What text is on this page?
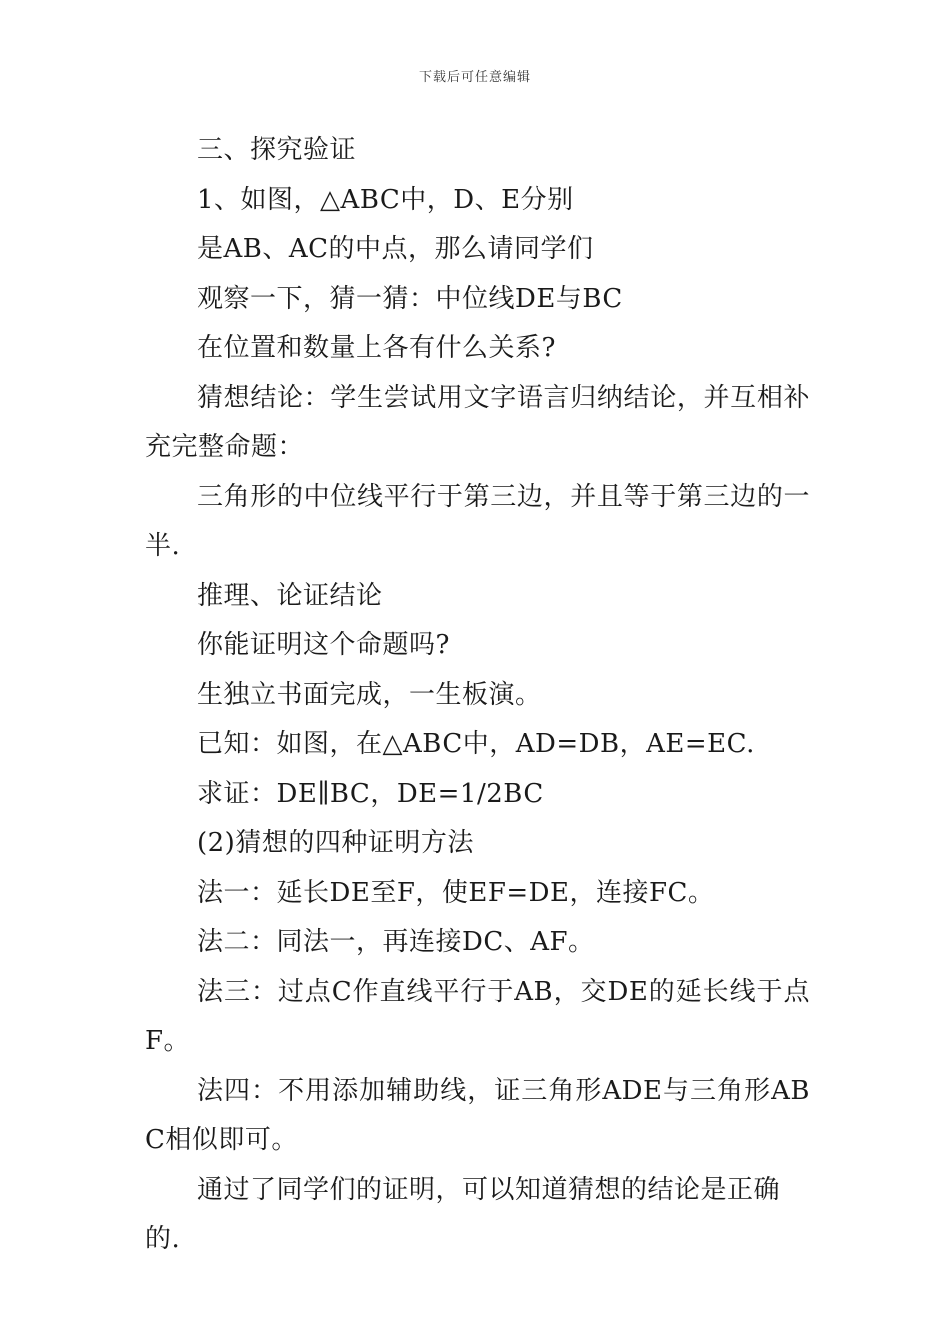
下载后可任意编辑

三、探究验证

1、如图，△ABC中，D、E分别

是AB、AC的中点，那么请同学们

观察一下，猜一猜：中位线DE与BC

在位置和数量上各有什么关系?

猜想结论：学生尝试用文字语言归纳结论，并互相补充完整命题：

三角形的中位线平行于第三边，并且等于第三边的一半.

推理、论证结论

你能证明这个命题吗?

生独立书面完成，一生板演。

已知：如图，在△ABC中，AD=DB，AE=EC.

求证：DE∥BC，DE=1/2BC

(2)猜想的四种证明方法

法一：延长DE至F，使EF=DE，连接FC。

法二：同法一，再连接DC、AF。

法三：过点C作直线平行于AB，交DE的延长线于点F。

法四：不用添加辅助线，证三角形ADE与三角形ABC相似即可。

通过了同学们的证明，可以知道猜想的结论是正确的.
